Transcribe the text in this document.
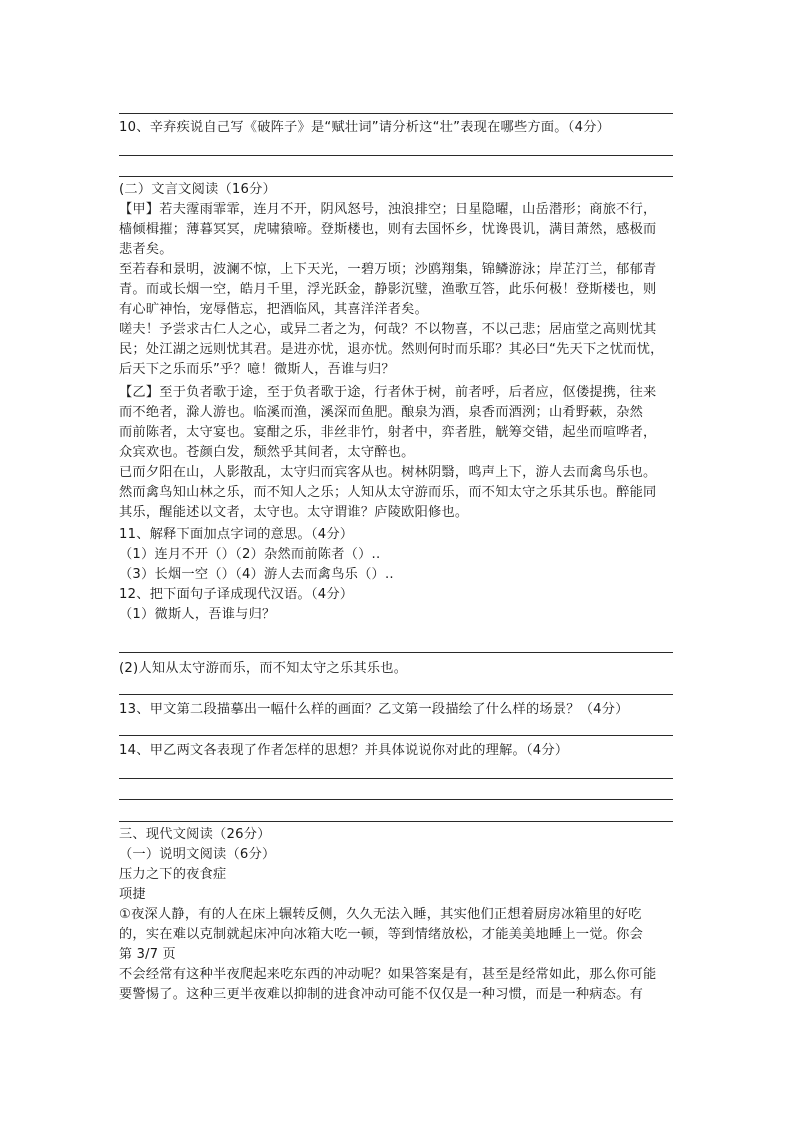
10、辛弃疾说自己写《破阵子》是“赋壮词”请分析这“壮”表现在哪些方面。（4分）
(二）文言文阅读（16分）
【甲】若夫霪雨霏霏，连月不开，阴风怒号，浊浪排空；日星隐曜，山岳潜形；商旅不行，
樯倾楫摧；薄暮冥冥，虎啸猿啼。登斯楼也，则有去国怀乡，忧谗畏讥，满目萧然，感极而
悲者矣。
至若春和景明，波澜不惊，上下天光，一碧万顷；沙鸥翔集，锦鳞游泳；岸芷汀兰，郁郁青
青。而或长烟一空，皓月千里，浮光跃金，静影沉璧，渔歌互答，此乐何极！登斯楼也，则
有心旷神怡，宠辱偕忘，把酒临风，其喜洋洋者矣。
嗟夫！予尝求古仁人之心，或异二者之为，何哉？不以物喜，不以己悲；居庙堂之高则忧其
民；处江湖之远则忧其君。是进亦忧，退亦忧。然则何时而乐耶？其必曰“先天下之忧而忧，
后天下之乐而乐”乎？噫！微斯人，吾谁与归？
【乙】至于负者歌于途，至于负者歌于途，行者休于树，前者呼，后者应，伛偻提携，往来
而不绝者，滁人游也。临溪而渔，溪深而鱼肥。酿泉为酒，泉香而酒洌；山肴野蔌，杂然
而前陈者，太守宴也。宴酣之乐，非丝非竹，射者中，弈者胜，觥筹交错，起坐而喧哗者，
众宾欢也。苍颜白发，颓然乎其间者，太守醉也。
已而夕阳在山，人影散乱，太守归而宾客从也。树林阴翳，鸣声上下，游人去而禽鸟乐也。
然而禽鸟知山林之乐，而不知人之乐；人知从太守游而乐，而不知太守之乐其乐也。醉能同
其乐，醒能述以文者，太守也。太守谓谁？庐陵欧阳修也。
11、解释下面加点字词的意思。（4分）
（1）连月不开（）（2）杂然而前陈者（）..
（3）长烟一空（）（4）游人去而禽鸟乐（）..
12、把下面句子译成现代汉语。（4分）
（1）微斯人，吾谁与归？
(2)人知从太守游而乐，而不知太守之乐其乐也。
13、甲文第二段描摹出一幅什么样的画面？乙文第一段描绘了什么样的场景？（4分）
14、甲乙两文各表现了作者怎样的思想？并具体说说你对此的理解。（4分）
三、现代文阅读（26分）
（一）说明文阅读（6分）
压力之下的夜食症
项捷
①夜深人静，有的人在床上辗转反侧，久久无法入睡，其实他们正想着厨房冰箱里的好吃
的，实在难以克制就起床冲向冰箱大吃一顿，等到情绪放松，才能美美地睡上一觉。你会
第 3/7 页
不会经常有这种半夜爬起来吃东西的冲动呢？如果答案是有，甚至是经常如此，那么你可能
要警惕了。这种三更半夜难以抑制的进食冲动可能不仅仅是一种习惯，而是一种病态。有
